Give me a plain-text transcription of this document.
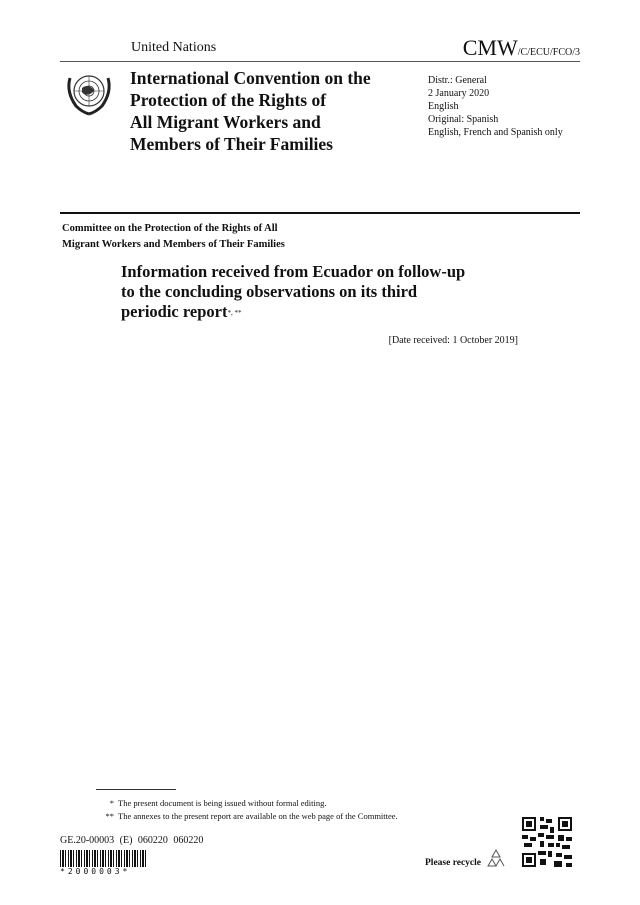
United Nations	CMW/C/ECU/FCO/3
International Convention on the
Protection of the Rights of
All Migrant Workers and
Members of Their Families
Distr.: General
2 January 2020
English
Original: Spanish
English, French and Spanish only
Committee on the Protection of the Rights of All
Migrant Workers and Members of Their Families
Information received from Ecuador on follow-up
to the concluding observations on its third
periodic report*, **
[Date received: 1 October 2019]
* The present document is being issued without formal editing.
** The annexes to the present report are available on the web page of the Committee.
GE.20-00003 (E) 060220 060220
*2000003*
Please recycle
